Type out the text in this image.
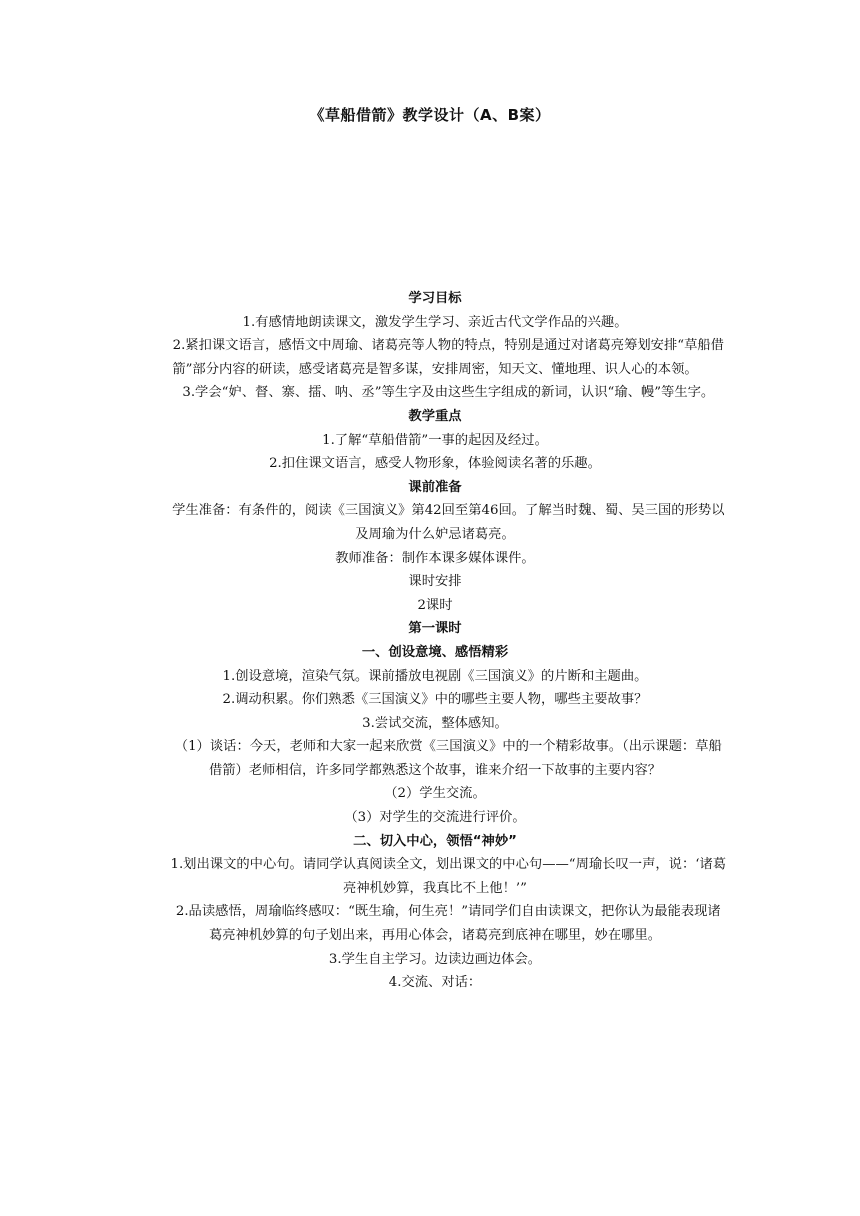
《草船借箭》教学设计（A、B案）

学习目标

1.有感情地朗读课文，激发学生学习、亲近古代文学作品的兴趣。

2.紧扣课文语言，感悟文中周瑜、诸葛亮等人物的特点，特别是通过对诸葛亮筹划安排“草船借箭”部分内容的研读，感受诸葛亮是智多谋，安排周密，知天文、懂地理、识人心的本领。

3.学会“妒、督、寨、擂、呐、丞”等生字及由这些生字组成的新词，认识“瑜、幔”等生字。

教学重点

1.了解“草船借箭”一事的起因及经过。

2.扣住课文语言，感受人物形象，体验阅读名著的乐趣。

课前准备

学生准备：有条件的，阅读《三国演义》第42回至第46回。了解当时魏、蜀、吴三国的形势以及周瑜为什么妒忌诸葛亮。

教师准备：制作本课多媒体课件。

课时安排

2课时

第一课时

一、创设意境、感悟精彩

1.创设意境，渲染气氛。课前播放电视剧《三国演义》的片断和主题曲。

2.调动积累。你们熟悉《三国演义》中的哪些主要人物，哪些主要故事？

3.尝试交流，整体感知。

（1）谈话：今天，老师和大家一起来欣赏《三国演义》中的一个精彩故事。（出示课题：草船借箭）老师相信，许多同学都熟悉这个故事，谁来介绍一下故事的主要内容？

（2）学生交流。

（3）对学生的交流进行评价。

二、切入中心，领悟“神妙”

1.划出课文的中心句。请同学认真阅读全文，划出课文的中心句——“周瑜长叹一声，说：‘诸葛亮神机妙算，我真比不上他！’”

2.品读感悟，周瑜临终感叹：“既生瑜，何生亮！”请同学们自由读课文，把你认为最能表现诸葛亮神机妙算的句子划出来，再用心体会，诸葛亮到底神在哪里，妙在哪里。

3.学生自主学习。边读边画边体会。

4.交流、对话：
